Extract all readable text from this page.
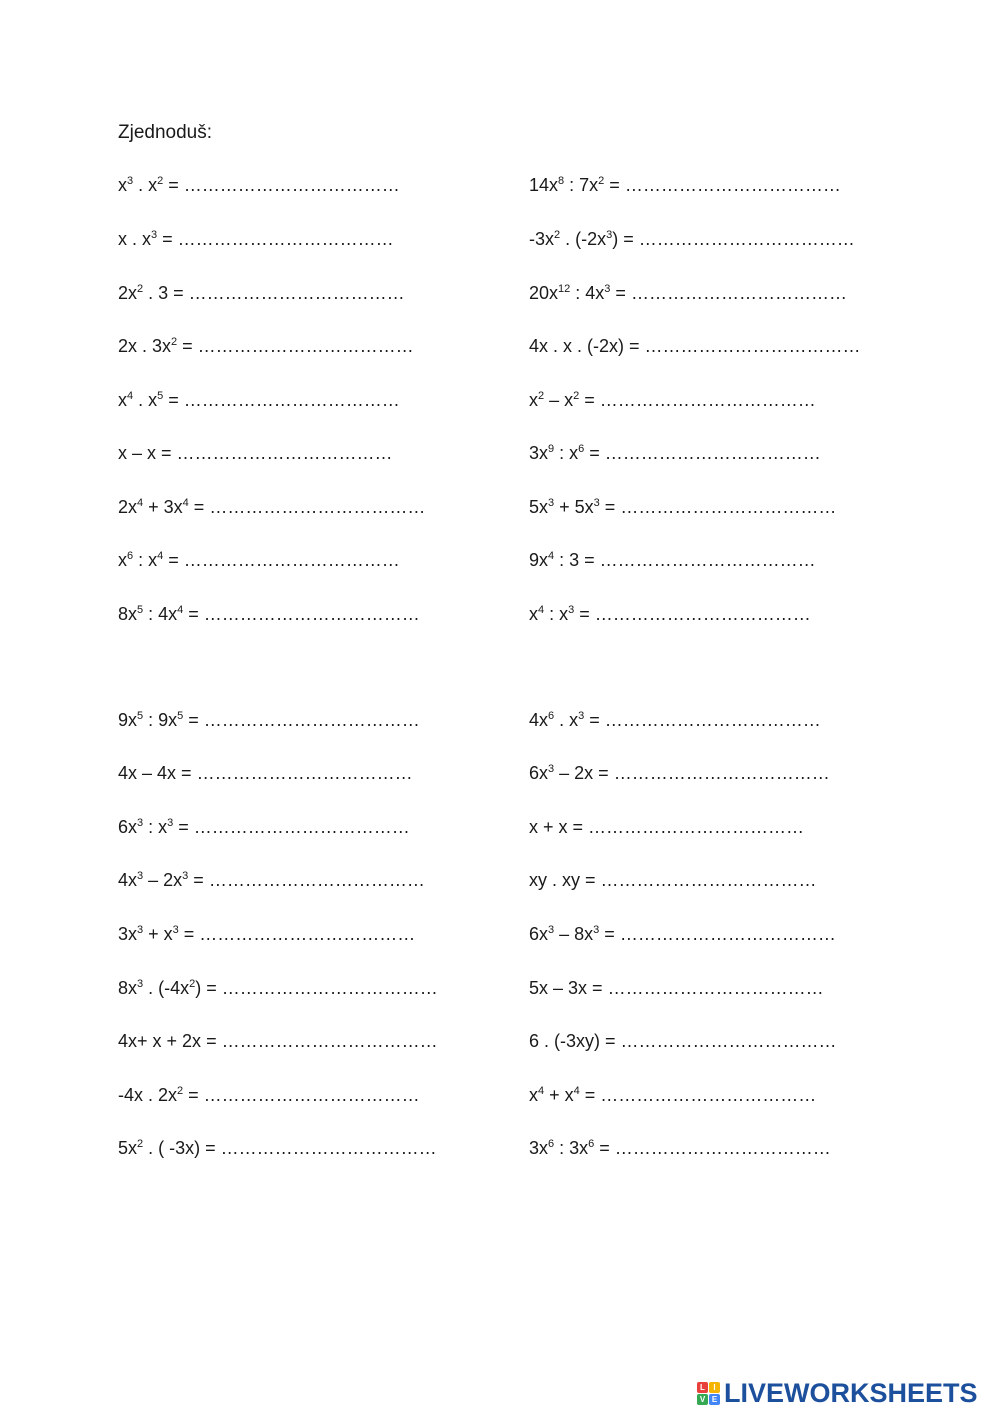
Zjednoduš:
$x^3$ . $x^2$ = ………………………………
x . $x^3$ = ………………………………
$2x^2$ . 3 = ………………………………
2x . $3x^2$ = ………………………………
$x^4$ . $x^5$ = ………………………………
x – x = ………………………………
$2x^4 + 3x^4$ = ………………………………
$x^6$ : $x^4$ = ………………………………
$8x^5$ : $4x^4$ = ………………………………
$14x^8$ : $7x^2$ = ………………………………
$-3x^2$ . $(-2x^3)$ = ………………………………
$20x^{12}$ : $4x^3$ = ………………………………
4x . x . (-2x) = ………………………………
$x^2 - x^2$ = ………………………………
$3x^9$ : $x^6$ = ………………………………
$5x^3 + 5x^3$ = ………………………………
$9x^4$ : 3 = ………………………………
$x^4$ : $x^3$ = ………………………………
$9x^5$ : $9x^5$ = ………………………………
4x – 4x = ………………………………
$6x^3$ : $x^3$ = ………………………………
$4x^3 - 2x^3$ = ………………………………
$3x^3 + x^3$ = ………………………………
$8x^3$ . $(-4x^2)$ = ………………………………
4x+ x + 2x = ………………………………
-4x . $2x^2$ = ………………………………
$5x^2$ . ( -3x) = ………………………………
$4x^6$ . $x^3$ = ………………………………
$6x^3 - 2x$ = ………………………………
x + x = ………………………………
xy . xy = ………………………………
$6x^3 - 8x^3$ = ………………………………
5x – 3x = ………………………………
6 . (-3xy) = ………………………………
$x^4 + x^4$ = ………………………………
$3x^6$ : $3x^6$ = ………………………………
L	I
V E LIVEWORKSHEETS
